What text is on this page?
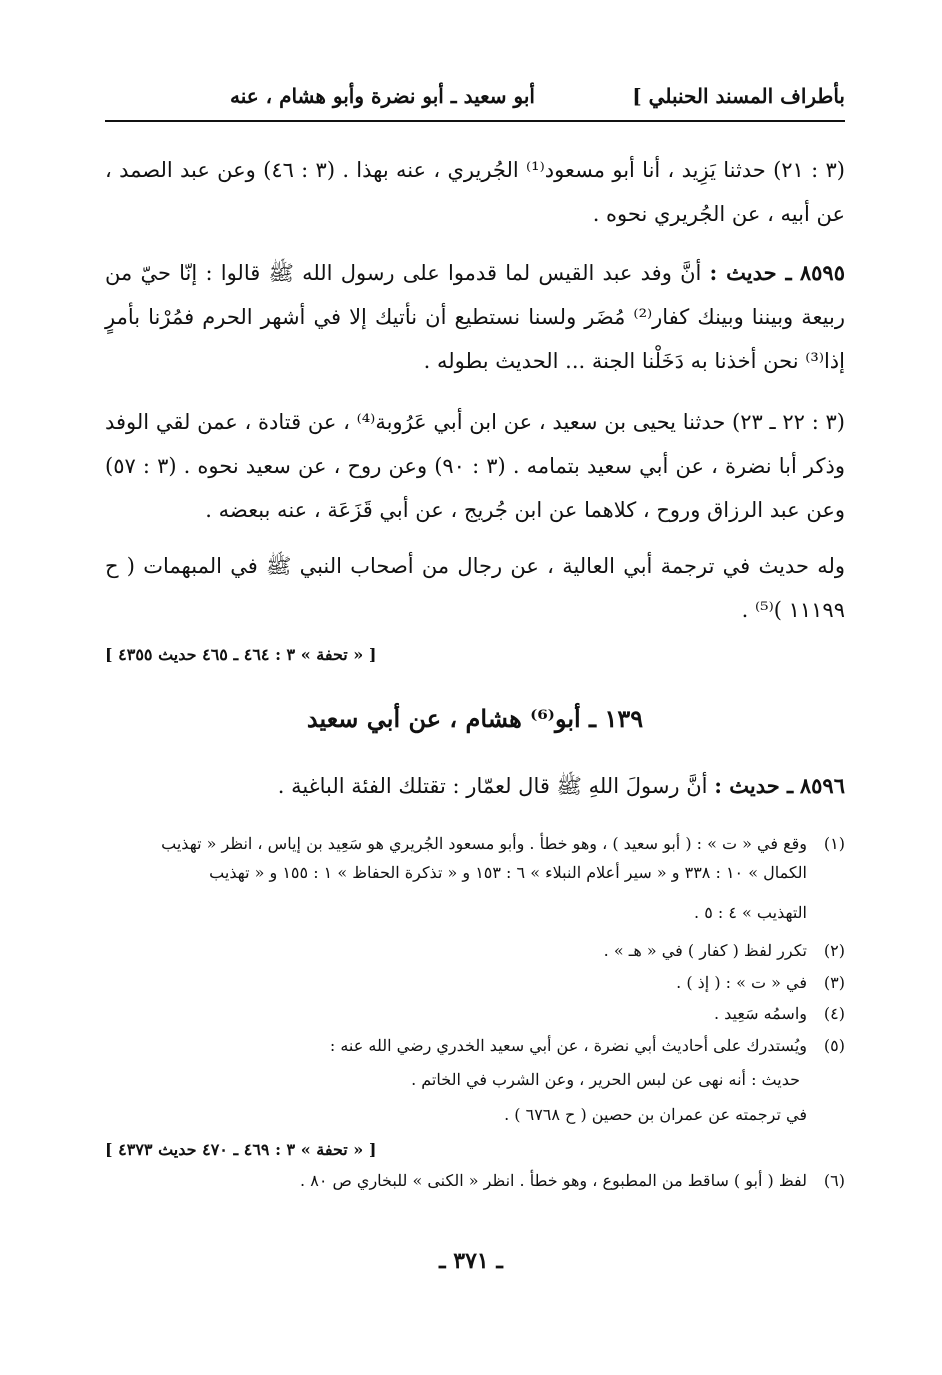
بأطراف المسند الحنبلي ]
أبو سعيد ـ أبو نضرة وأبو هشام ، عنه
(٣ : ٢١) حدثنا يَزِيد ، أنا أبو مسعود⁽¹⁾ الجُريري ، عنه بهذا . (٣ : ٤٦) وعن عبد الصمد ، عن أبيه ، عن الجُريري نحوه .
٨٥٩٥ ـ حديث : أنَّ وفد عبد القيس لما قدموا على رسول الله ﷺ قالوا : إنّا حيّ من ربيعة وبيننا وبينك كفار⁽²⁾ مُضَر ولسنا نستطيع أن نأتيك إلا في أشهر الحرم فمُرْنا بأمرٍ إذا⁽³⁾ نحن أخذنا به دَخَلْنا الجنة ... الحديث بطوله .
(٣ : ٢٢ ـ ٢٣) حدثنا يحيى بن سعيد ، عن ابن أبي عَرُوبة⁽⁴⁾ ، عن قتادة ، عمن لقي الوفد وذكر أبا نضرة ، عن أبي سعيد بتمامه . (٣ : ٩٠) وعن روح ، عن سعيد نحوه . (٣ : ٥٧) وعن عبد الرزاق وروح ، كلاهما عن ابن جُريج ، عن أبي قَزَعَة ، عنه ببعضه .
وله حديث في ترجمة أبي العالية ، عن رجال من أصحاب النبي ﷺ في المبهمات ( ح ١١١٩٩ )⁽⁵⁾ .
[ « تحفة » ٣ : ٤٦٤ ـ ٤٦٥ حديث ٤٣٥٥ ]
١٣٩ ـ أبو⁽⁶⁾ هشام ، عن أبي سعيد
٨٥٩٦ ـ حديث : أنَّ رسولَ اللهِ ﷺ قال لعمّار : تقتلك الفئة الباغية .
(١)وقع في « ت » : ( أبو سعيد ) ، وهو خطأ . وأبو مسعود الجُريري هو سَعِيد بن إياس ، انظر « تهذيب
الكمال » ١٠ : ٣٣٨ و « سير أعلام النبلاء » ٦ : ١٥٣ و « تذكرة الحفاظ » ١ : ١٥٥ و « تهذيب
التهذيب » ٤ : ٥ .
(٢)تكرر لفظ ( كفار ) في « هـ » .
(٣)في « ت » : ( إذ ) .
(٤)واسمُه سَعِيد .
(٥)ويُستدرك على أحاديث أبي نضرة ، عن أبي سعيد الخدري رضي الله عنه :
حديث : أنه نهى عن لبس الحرير ، وعن الشرب في الخاتم .
في ترجمته عن عمران بن حصين ( ح ٦٧٦٨ ) .
[ « تحفة » ٣ : ٤٦٩ ـ ٤٧٠ حديث ٤٣٧٣ ]
(٦)لفظ ( أبو ) ساقط من المطبوع ، وهو خطأ . انظر « الكنى » للبخاري ص ٨٠ .
ـ ٣٧١ ـ
